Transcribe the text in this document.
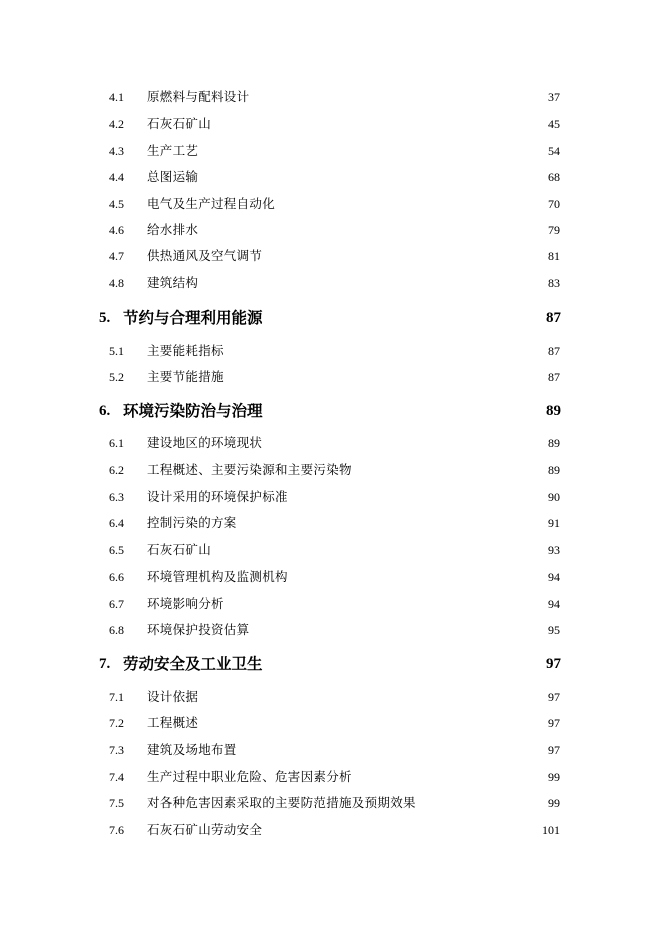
4.1 原燃料与配料设计	37
4.2 石灰石矿山	45
4.3 生产工艺	54
4.4 总图运输	68
4.5 电气及生产过程自动化	70
4.6 给水排水	79
4.7 供热通风及空气调节	81
4.8 建筑结构	83
5. 节约与合理利用能源	87
5.1 主要能耗指标	87
5.2 主要节能措施	87
6. 环境污染防治与治理	89
6.1 建设地区的环境现状	89
6.2 工程概述、主要污染源和主要污染物	89
6.3 设计采用的环境保护标准	90
6.4 控制污染的方案	91
6.5 石灰石矿山	93
6.6 环境管理机构及监测机构	94
6.7 环境影响分析	94
6.8 环境保护投资估算	95
7. 劳动安全及工业卫生	97
7.1 设计依据	97
7.2 工程概述	97
7.3 建筑及场地布置	97
7.4 生产过程中职业危险、危害因素分析	99
7.5 对各种危害因素采取的主要防范措施及预期效果	99
7.6 石灰石矿山劳动安全	101
